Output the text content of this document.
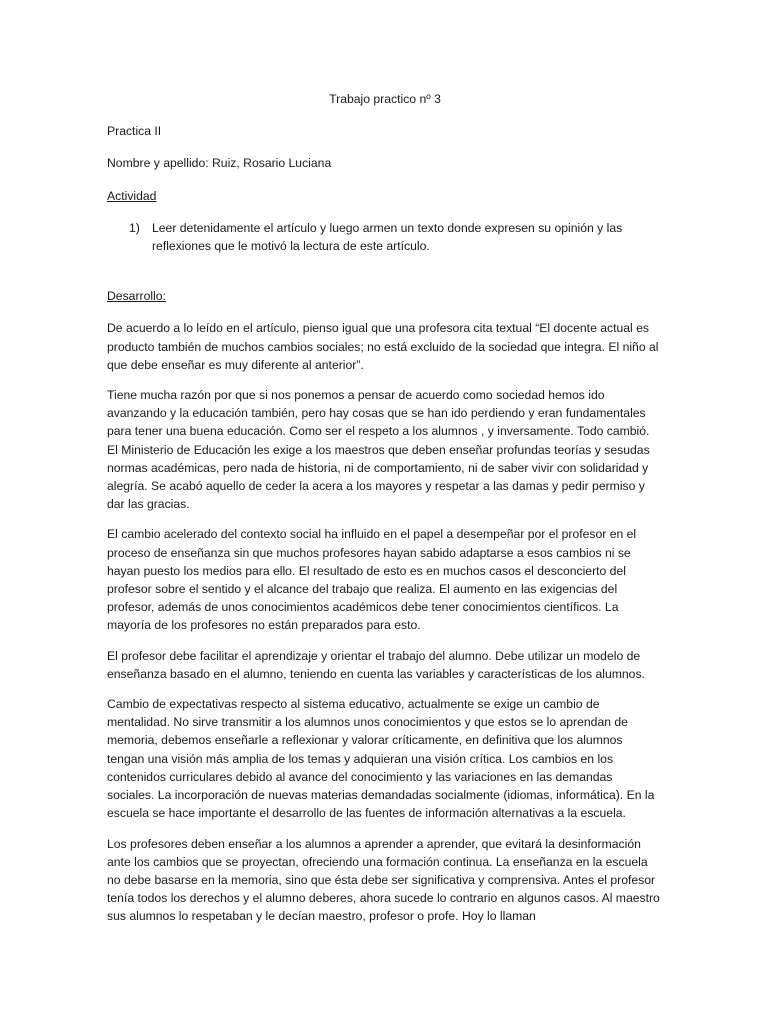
Trabajo practico nº 3
Practica II
Nombre y apellido: Ruiz, Rosario Luciana
Actividad
1) Leer detenidamente el artículo y luego armen un texto donde expresen su opinión y las reflexiones que le motivó la lectura de este artículo.
Desarrollo:

De acuerdo a lo leído en el artículo, pienso igual que una profesora cita textual “El docente actual es producto también de muchos cambios sociales; no está excluido de la sociedad que integra. El niño al que debe enseñar es muy diferente al anterior”.

Tiene mucha razón por que si nos ponemos a pensar de acuerdo como sociedad hemos ido avanzando y la educación también, pero hay cosas que se han ido perdiendo y eran fundamentales para tener una buena educación. Como ser el respeto a los alumnos , y inversamente. Todo cambió. El Ministerio de Educación les exige a los maestros que deben enseñar profundas teorías y sesudas normas académicas, pero nada de historia, ni de comportamiento, ni de saber vivir con solidaridad y alegría. Se acabó aquello de ceder la acera a los mayores y respetar a las damas y pedir permiso y dar las gracias.

El cambio acelerado del contexto social ha influido en el papel a desempeñar por el profesor en el proceso de enseñanza sin que muchos profesores hayan sabido adaptarse a esos cambios ni se hayan puesto los medios para ello. El resultado de esto es en muchos casos el desconcierto del profesor sobre el sentido y el alcance del trabajo que realiza. El aumento en las exigencias del profesor, además de unos conocimientos académicos debe tener conocimientos científicos. La mayoría de los profesores no están preparados para esto.

El profesor debe facilitar el aprendizaje y orientar el trabajo del alumno. Debe utilizar un modelo de enseñanza basado en el alumno, teniendo en cuenta las variables y características de los alumnos.

Cambio de expectativas respecto al sistema educativo, actualmente se exige un cambio de mentalidad. No sirve transmitir a los alumnos unos conocimientos y que estos se lo aprendan de memoria, debemos enseñarle a reflexionar y valorar críticamente, en definitiva que los alumnos tengan una visión más amplia de los temas y adquieran una visión crítica. Los cambios en los contenidos curriculares debido al avance del conocimiento y las variaciones en las demandas sociales. La incorporación de nuevas materias demandadas socialmente (idiomas, informática). En la escuela se hace importante el desarrollo de las fuentes de información alternativas a la escuela.

Los profesores deben enseñar a los alumnos a aprender a aprender, que evitará la desinformación ante los cambios que se proyectan, ofreciendo una formación continua. La enseñanza en la escuela no debe basarse en la memoria, sino que ésta debe ser significativa y comprensiva. Antes el profesor tenía todos los derechos y el alumno deberes, ahora sucede lo contrario en algunos casos. Al maestro sus alumnos lo respetaban y le decían maestro, profesor o profe. Hoy lo llaman
